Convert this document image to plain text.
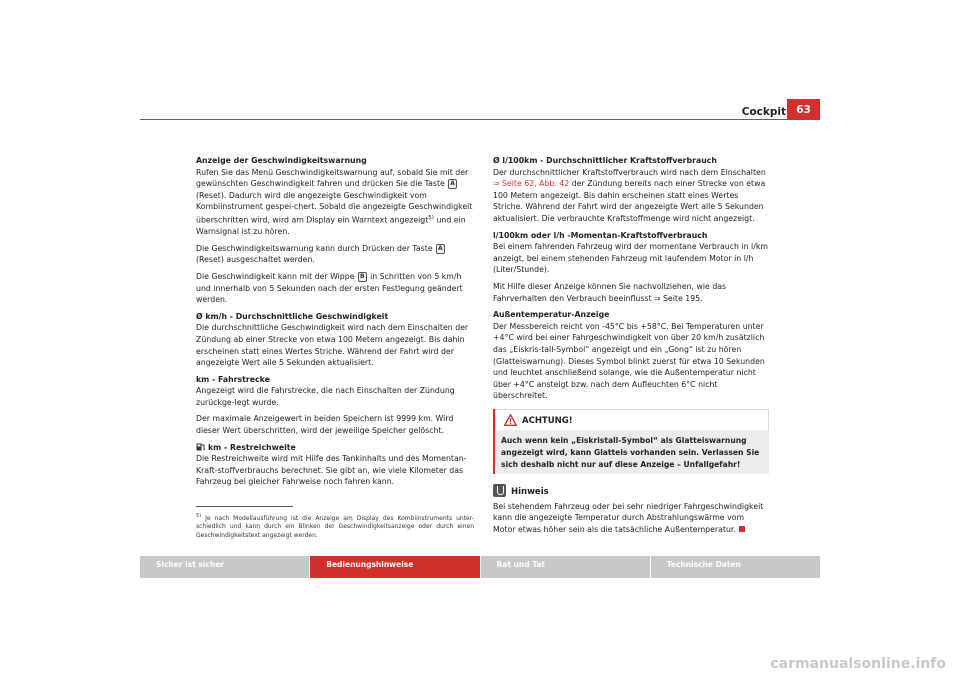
Cockpit 63

Anzeige der Geschwindigkeitswarnung

Rufen Sie das Menü Geschwindigkeitswarnung auf, sobald Sie mit der gewünschten Geschwindigkeit fahren und drücken Sie die Taste A (Reset). Dadurch wird die angezeigte Geschwindigkeit vom Kombiinstrument gespei-chert. Sobald die angezeigte Geschwindigkeit überschritten wird, wird am Display ein Warntext angezeigt$^{5)}$ und ein Warnsignal ist zu hören.

Die Geschwindigkeitswarnung kann durch Drücken der Taste A (Reset) ausgeschaltet werden.

Die Geschwindigkeit kann mit der Wippe B in Schritten von 5 km/h und innerhalb von 5 Sekunden nach der ersten Festlegung geändert werden.

Ø km/h - Durchschnittliche Geschwindigkeit

Die durchschnittliche Geschwindigkeit wird nach dem Einschalten der Zündung ab einer Strecke von etwa 100 Metern angezeigt. Bis dahin erscheinen statt eines Wertes Striche. Während der Fahrt wird der angezeigte Wert alle 5 Sekunden aktualisiert.

km - Fahrstrecke

Angezeigt wird die Fahrstrecke, die nach Einschalten der Zündung zurückge-legt wurde.

Der maximale Anzeigewert in beiden Speichern ist 9999 km. Wird dieser Wert überschritten, wird der jeweilige Speicher gelöscht.

km - Restreichweite

Die Restreichweite wird mit Hilfe des Tankinhalts und des Momentan-Kraft-stoffverbrauchs berechnet. Sie gibt an, wie viele Kilometer das Fahrzeug bei gleicher Fahrweise noch fahren kann.

$^{5)}$ Je nach Modellausführung ist die Anzeige am Display des Kombiinstruments unter-schiedlich und kann durch ein Blinken der Geschwindigkeitsanzeige oder durch einen Geschwindigkeitstext angezeigt werden.

Ø l/100km - Durchschnittlicher Kraftstoffverbrauch

Der durchschnittlicher Kraftstoffverbrauch wird nach dem Einschalten ⇒ Seite 62, Abb. 42 der Zündung bereits nach einer Strecke von etwa 100 Metern angezeigt. Bis dahin erscheinen statt eines Wertes Striche. Während der Fahrt wird der angezeigte Wert alle 5 Sekunden aktualisiert. Die verbrauchte Kraftstoffmenge wird nicht angezeigt.

l/100km oder l/h -Momentan-Kraftstoffverbrauch

Bei einem fahrenden Fahrzeug wird der momentane Verbrauch in l/km anzeigt, bei einem stehenden Fahrzeug mit laufendem Motor in l/h (Liter/Stunde).

Mit Hilfe dieser Anzeige können Sie nachvollziehen, wie das Fahrverhalten den Verbrauch beeinflusst ⇒ Seite 195.

Außentemperatur-Anzeige

Der Messbereich reicht von -45°C bis +58°C. Bei Temperaturen unter +4°C wird bei einer Fahrgeschwindigkeit von über 20 km/h zusätzlich das „Eiskris-tall-Symbol“ angezeigt und ein „Gong“ ist zu hören (Glatteiswarnung). Dieses Symbol blinkt zuerst für etwa 10 Sekunden und leuchtet anschließend solange, wie die Außentemperatur nicht über +4°C ansteigt bzw. nach dem Aufleuchten 6°C nicht überschreitet.

ACHTUNG!
Auch wenn kein „Eiskristall-Symbol“ als Glatteiswarnung angezeigt wird, kann Glatteis vorhanden sein. Verlassen Sie sich deshalb nicht nur auf diese Anzeige – Unfallgefahr!
Hinweis

Bei stehendem Fahrzeug oder bei sehr niedriger Fahrgeschwindigkeit kann die angezeigte Temperatur durch Abstrahlungswärme vom Motor etwas höher sein als die tatsächliche Außentemperatur.

Sicher ist sicher	Bedienungshinweise	Rat und Tat	Technische Daten
carmanualsonline.info
